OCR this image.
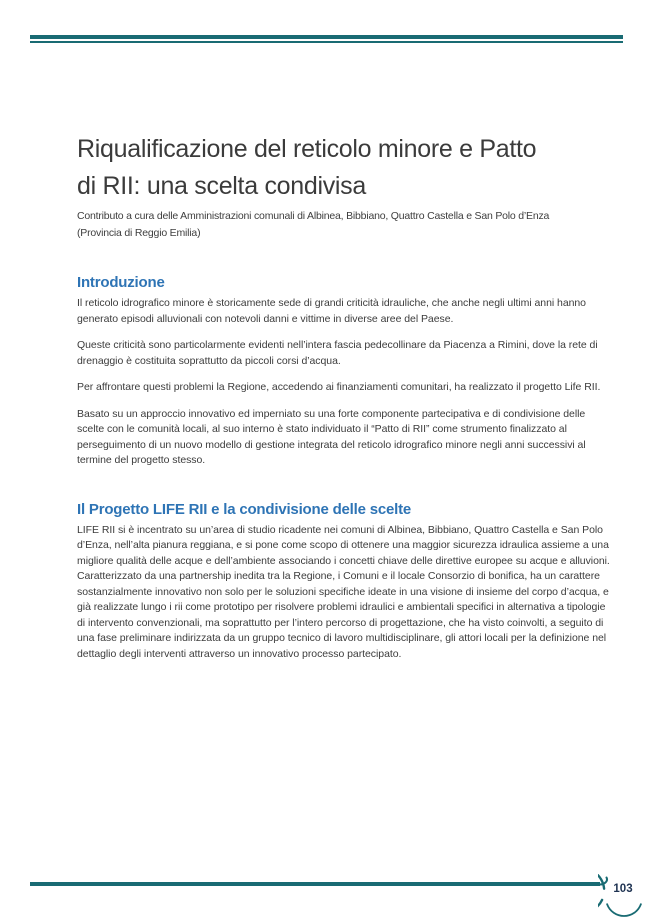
Riqualificazione del reticolo minore e Patto
di RII: una scelta condivisa
Contributo a cura delle Amministrazioni comunali di Albinea, Bibbiano, Quattro Castella e San Polo d’Enza
(Provincia di Reggio Emilia)
Introduzione

Il reticolo idrografico minore è storicamente sede di grandi criticità idrauliche, che anche negli ultimi anni hanno generato episodi alluvionali con notevoli danni e vittime in diverse aree del Paese.

Queste criticità sono particolarmente evidenti nell’intera fascia pedecollinare da Piacenza a Rimini, dove la rete di drenaggio è costituita soprattutto da piccoli corsi d’acqua.

Per affrontare questi problemi la Regione, accedendo ai finanziamenti comunitari, ha realizzato il progetto Life RII.

Basato su un approccio innovativo ed imperniato su una forte componente partecipativa e di condivisione delle scelte con le comunità locali, al suo interno è stato individuato il “Patto di RII” come strumento finalizzato al perseguimento di un nuovo modello di gestione integrata del reticolo idrografico minore negli anni successivi al termine del progetto stesso.

Il Progetto LIFE RII e la condivisione delle scelte

LIFE RII si è incentrato su un’area di studio ricadente nei comuni di Albinea, Bibbiano, Quattro Castella e San Polo d’Enza, nell’alta pianura reggiana, e si pone come scopo di ottenere una maggior sicurezza idraulica assieme a una migliore qualità delle acque e dell’ambiente associando i concetti chiave delle direttive europee su acque e alluvioni. Caratterizzato da una partnership inedita tra la Regione, i Comuni e il locale Consorzio di bonifica, ha un carattere sostanzialmente innovativo non solo per le soluzioni specifiche ideate in una visione di insieme del corpo d’acqua, e già realizzate lungo i rii come prototipo per risolvere problemi idraulici e ambientali specifici in alternativa a tipologie di intervento convenzionali, ma soprattutto per l’intero percorso di progettazione, che ha visto coinvolti, a seguito di una fase preliminare indirizzata da un gruppo tecnico di lavoro multidisciplinare, gli attori locali per la definizione nel dettaglio degli interventi attraverso un innovativo processo partecipato.

103
